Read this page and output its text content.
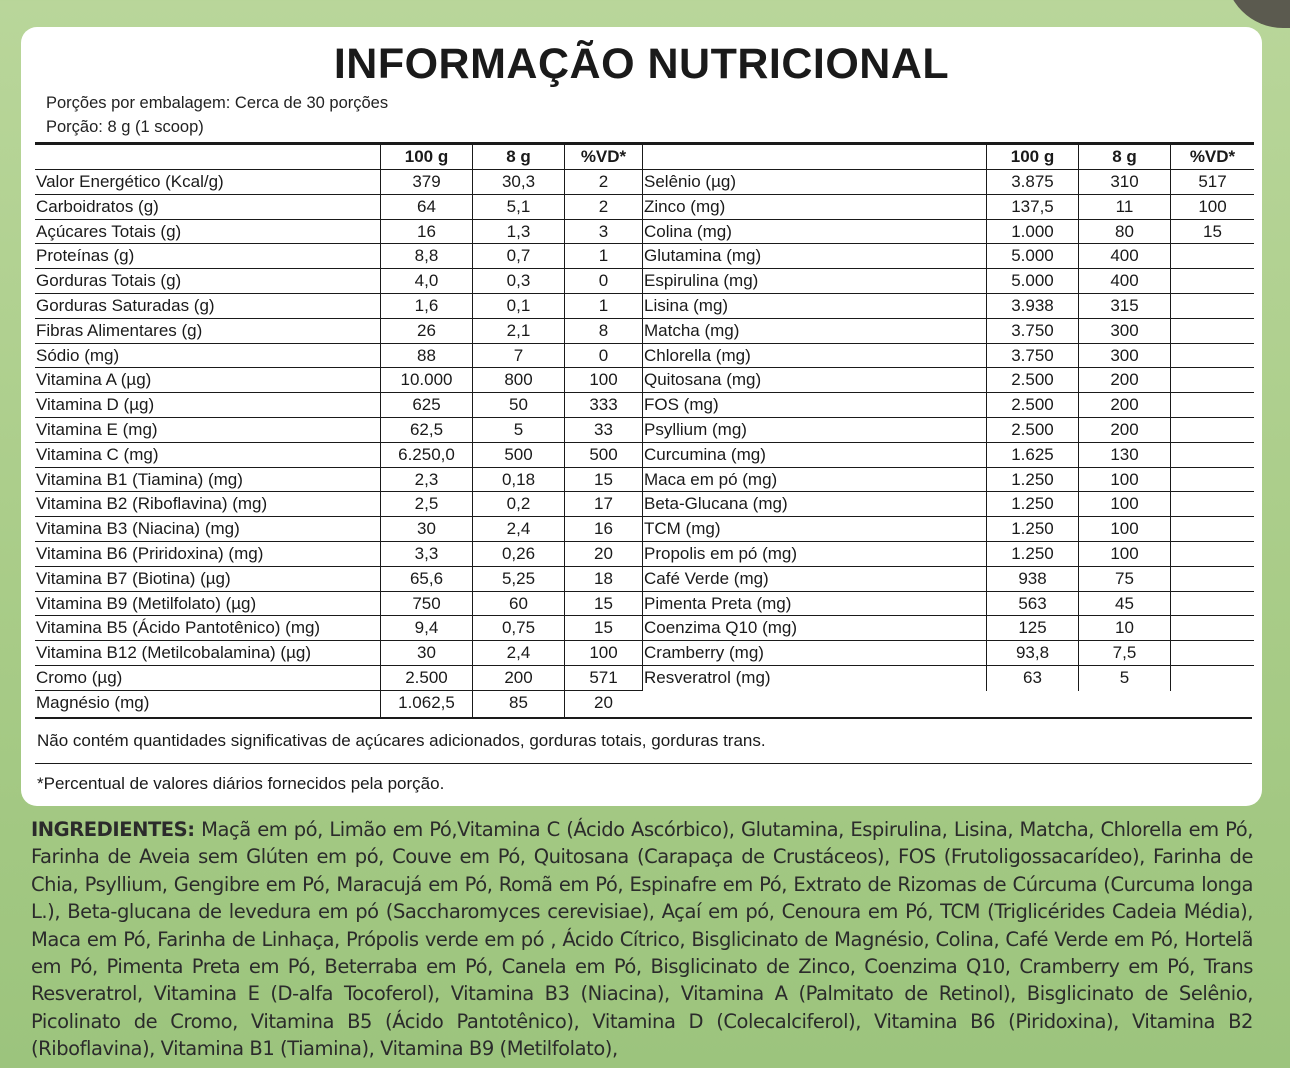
INFORMAÇÃO NUTRICIONAL
Porções por embalagem: Cerca de 30 porções
Porção: 8 g (1 scoop)
100 g	8 g	%VD*
Valor Energético (Kcal/g)	379	30,3	2
Carboidratos (g)	64	5,1	2
Açúcares Totais (g)	16	1,3	3
Proteínas (g)	8,8	0,7	1
Gorduras Totais (g)	4,0	0,3	0
Gorduras Saturadas (g)	1,6	0,1	1
Fibras Alimentares (g)	26	2,1	8
Sódio (mg)	88	7	0
Vitamina A (µg)	10.000	800	100
Vitamina D (µg)	625	50	333
Vitamina E (mg)	62,5	5	33
Vitamina C (mg)	6.250,0	500	500
Vitamina B1 (Tiamina) (mg)	2,3	0,18	15
Vitamina B2 (Riboflavina) (mg)	2,5	0,2	17
Vitamina B3 (Niacina) (mg)	30	2,4	16
Vitamina B6 (Priridoxina) (mg)	3,3	0,26	20
Vitamina B7 (Biotina) (µg)	65,6	5,25	18
Vitamina B9 (Metilfolato) (µg)	750	60	15
Vitamina B5 (Ácido Pantotênico) (mg)	9,4	0,75	15
Vitamina B12 (Metilcobalamina) (µg)	30	2,4	100
Cromo (µg)	2.500	200	571
Magnésio (mg)	1.062,5	85	20
100 g	8 g	%VD*
Selênio (µg)	3.875	310	517
Zinco (mg)	137,5	11	100
Colina (mg)	1.000	80	15
Glutamina (mg)	5.000	400
Espirulina (mg)	5.000	400
Lisina (mg)	3.938	315
Matcha (mg)	3.750	300
Chlorella (mg)	3.750	300
Quitosana (mg)	2.500	200
FOS (mg)	2.500	200
Psyllium (mg)	2.500	200
Curcumina (mg)	1.625	130
Maca em pó (mg)	1.250	100
Beta-Glucana (mg)	1.250	100
TCM (mg)	1.250	100
Propolis em pó (mg)	1.250	100
Café Verde (mg)	938	75
Pimenta Preta (mg)	563	45
Coenzima Q10 (mg)	125	10
Cramberry (mg)	93,8	7,5
Resveratrol (mg)	63	5
Não contém quantidades significativas de açúcares adicionados, gorduras totais, gorduras trans.
*Percentual de valores diários fornecidos pela porção.
INGREDIENTES: Maçã em pó, Limão em Pó,Vitamina C (Ácido Ascórbico), Glutamina, Espirulina, Lisina, Matcha, Chlorella em Pó, Farinha de Aveia sem Glúten em pó, Couve em Pó, Quitosana (Carapaça de Crustáceos), FOS (Frutoligossacarídeo), Farinha de Chia, Psyllium, Gengibre em Pó, Maracujá em Pó, Romã em Pó, Espinafre em Pó, Extrato de Rizomas de Cúrcuma (Curcuma longa L.), Beta-glucana de levedura em pó (Saccharomyces cerevisiae), Açaí em pó, Cenoura em Pó, TCM (Triglicérides Cadeia Média), Maca em Pó, Farinha de Linhaça, Própolis verde em pó , Ácido Cítrico, Bisglicinato de Magnésio, Colina, Café Verde em Pó, Hortelã em Pó, Pimenta Preta em Pó, Beterraba em Pó, Canela em Pó, Bisglicinato de Zinco, Coenzima Q10, Cramberry em Pó, Trans Resveratrol, Vitamina E (D-alfa Tocoferol), Vitamina B3 (Niacina), Vitamina A (Palmitato de Retinol), Bisglicinato de Selênio, Picolinato de Cromo, Vitamina B5 (Ácido Pantotênico), Vitamina D (Colecalciferol), Vitamina B6 (Piridoxina), Vitamina B2 (Riboflavina), Vitamina B1 (Tiamina), Vitamina B9 (Metilfolato),
